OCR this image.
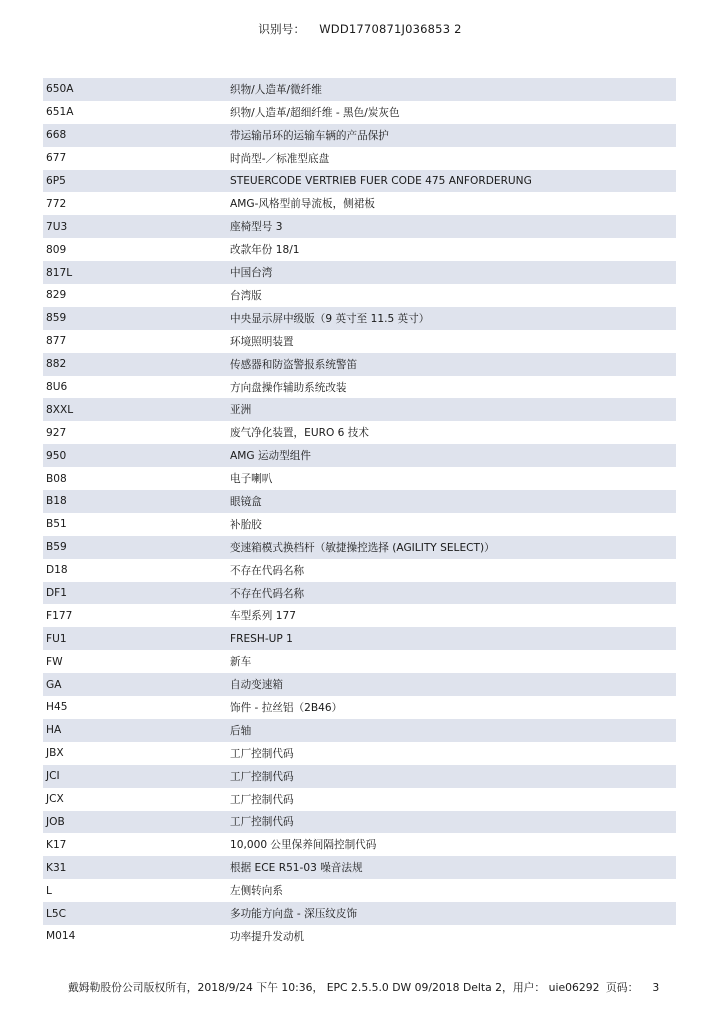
识别号： WDD1770871J036853 2
650A	织物/人造革/微纤维
651A	织物/人造革/超细纤维 - 黑色/炭灰色
668	带运输吊环的运输车辆的产品保护
677	时尚型-／标准型底盘
6P5	STEUERCODE VERTRIEB FUER CODE 475 ANFORDERUNG
772	AMG-风格型前导流板，侧裙板
7U3	座椅型号 3
809	改款年份 18/1
817L	中国台湾
829	台湾版
859	中央显示屏中级版（9 英寸至 11.5 英寸）
877	环境照明装置
882	传感器和防盗警报系统警笛
8U6	方向盘操作辅助系统改装
8XXL	亚洲
927	废气净化装置，EURO 6 技术
950	AMG 运动型组件
B08	电子喇叭
B18	眼镜盒
B51	补胎胶
B59	变速箱模式换档杆（敏捷操控选择 (AGILITY SELECT)）
D18	不存在代码名称
DF1	不存在代码名称
F177	车型系列 177
FU1	FRESH-UP 1
FW	新车
GA	自动变速箱
H45	饰件 - 拉丝铝（2B46）
HA	后轴
JBX	工厂控制代码
JCI	工厂控制代码
JCX	工厂控制代码
JOB	工厂控制代码
K17	10,000 公里保养间隔控制代码
K31	根据 ECE R51-03 噪音法规
L	左侧转向系
L5C	多功能方向盘 - 深压纹皮饰
M014	功率提升发动机
戴姆勒股份公司版权所有，2018/9/24 下午 10:36， EPC 2.5.5.0 DW 09/2018 Delta 2，用户： uie06292 页码： 3
